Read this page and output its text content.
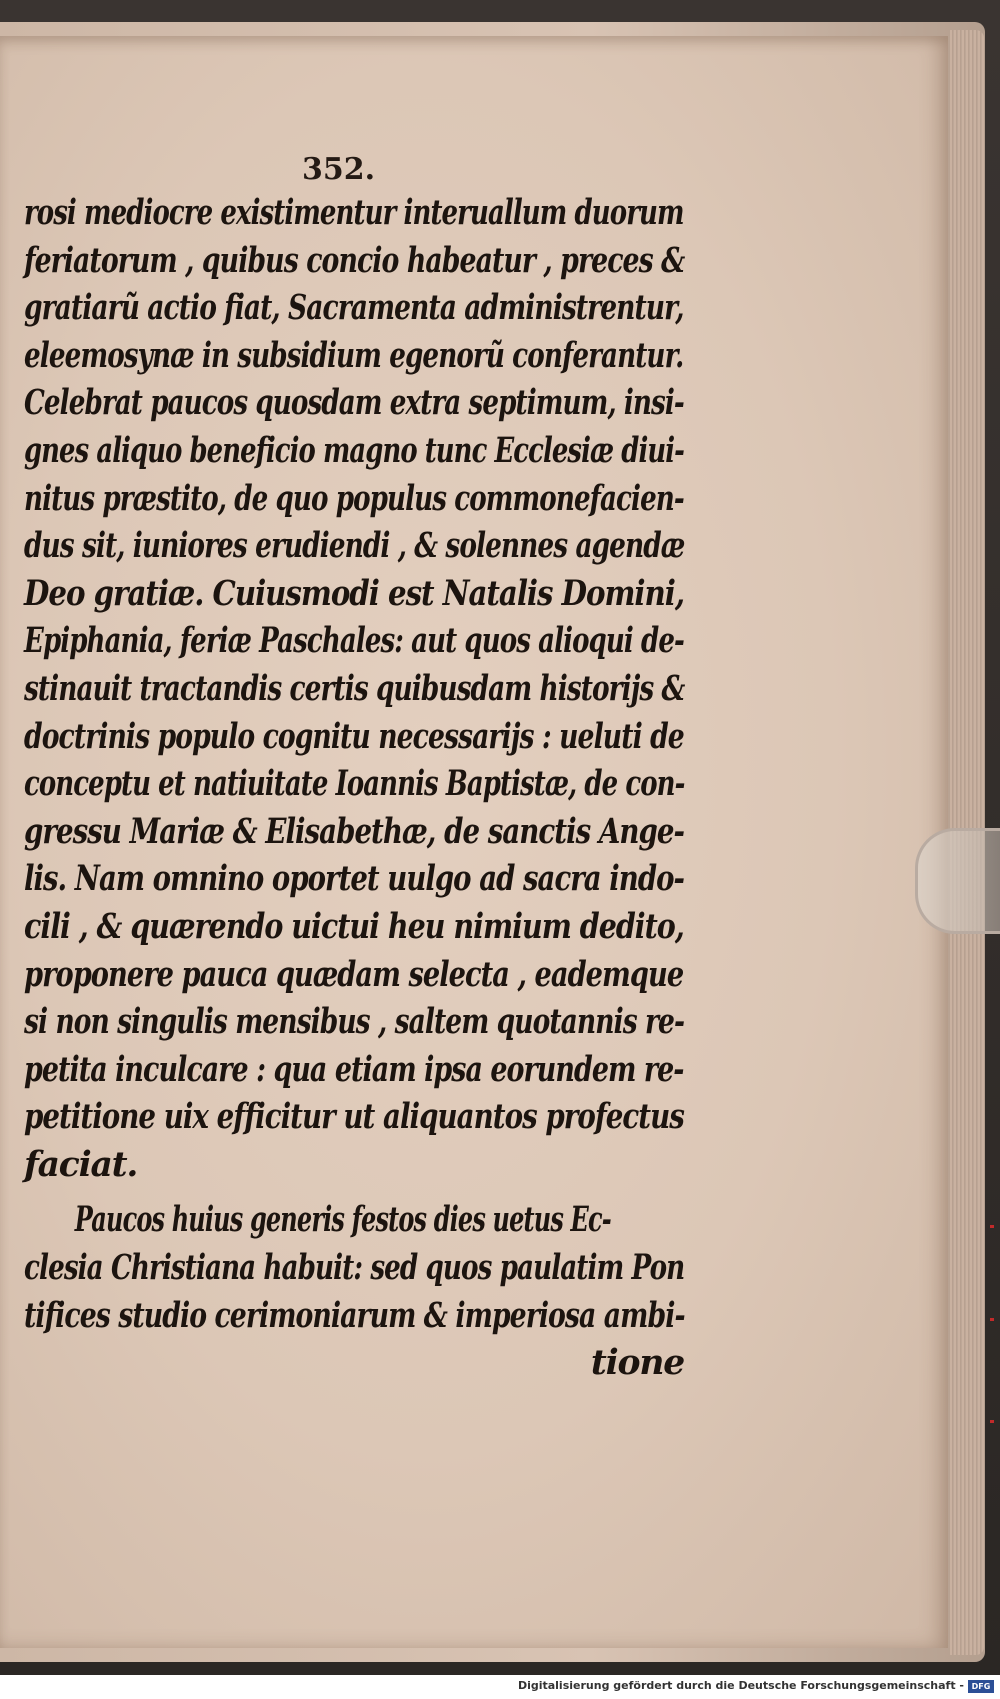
352.
rosi mediocre existimentur interuallum duorum
feriatorum , quibus concio habeatur , preces &
gratiarũ actio fiat, Sacramenta administrentur,
eleemosynæ in subsidium egenorũ conferantur.
Celebrat paucos quosdam extra septimum, insi-
gnes aliquo beneficio magno tunc Ecclesiæ diui-
nitus præstito, de quo populus commonefacien-
dus sit, iuniores erudiendi , & solennes agendæ
Deo gratiæ. Cuiusmodi est Natalis Domini,
Epiphania, feriæ Paschales: aut quos alioqui de-
stinauit tractandis certis quibusdam historijs &
doctrinis populo cognitu necessarijs : ueluti de
conceptu et natiuitate Ioannis Baptistæ, de con-
gressu Mariæ & Elisabethæ, de sanctis Ange-
lis. Nam omnino oportet uulgo ad sacra indo-
cili , & quærendo uictui heu nimium dedito,
proponere pauca quædam selecta , eademque
si non singulis mensibus , saltem quotannis re-
petita inculcare : qua etiam ipsa eorundem re-
petitione uix efficitur ut aliquantos profectus
faciat.
Paucos huius generis festos dies uetus Ec-
clesia Christiana habuit: sed quos paulatim Pon
tifices studio cerimoniarum & imperiosa ambi-
tione
Digitalisierung gefördert durch die Deutsche Forschungsgemeinschaft - DFG
